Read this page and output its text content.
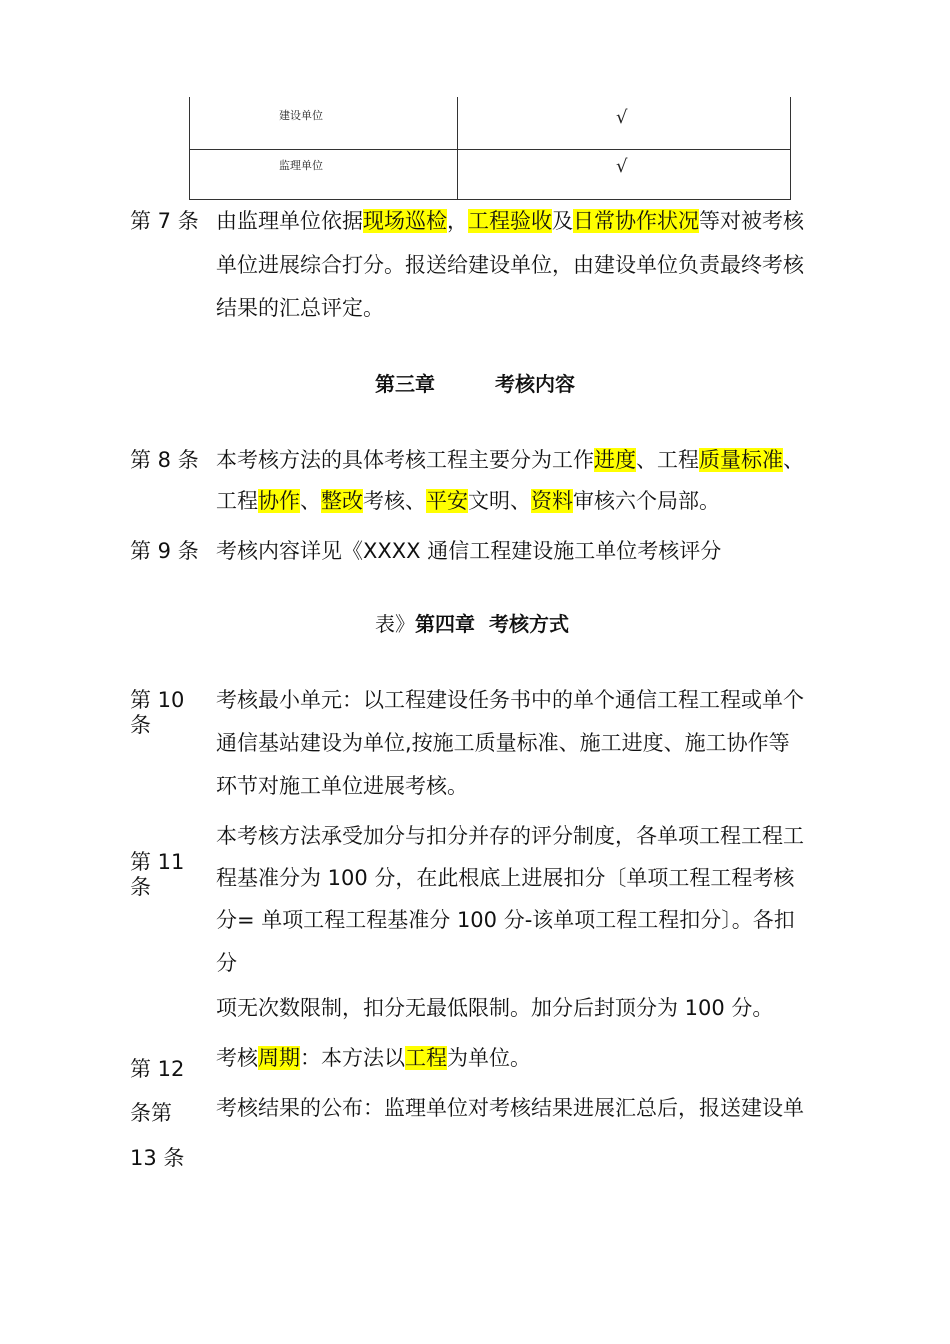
建设单位	√
监理单位	√
第 7 条 由监理单位依据现场巡检，工程验收及日常协作状况等对被考核
单位进展综合打分。报送给建设单位，由建设单位负责最终考核
结果的汇总评定。
第三章	考核内容
第 8 条 本考核方法的具体考核工程主要分为工作进度、工程质量标准、
工程协作、整改考核、平安文明、资料审核六个局部。
第 9 条 考核内容详见《XXXX 通信工程建设施工单位考核评分
表》第四章 考核方式
第 10
条
考核最小单元：以工程建设任务书中的单个通信工程工程或单个
通信基站建设为单位,按施工质量标准、施工进度、施工协作等
环节对施工单位进展考核。
第 11
条
本考核方法承受加分与扣分并存的评分制度，各单项工程工程工
程基准分为 100 分，在此根底上进展扣分〔单项工程工程考核
分= 单项工程工程基准分 100 分-该单项工程工程扣分〕。各扣
分
项无次数限制，扣分无最低限制。加分后封顶分为 100 分。
第 12
条第
13 条
考核周期：本方法以工程为单位。
考核结果的公布：监理单位对考核结果进展汇总后，报送建设单
